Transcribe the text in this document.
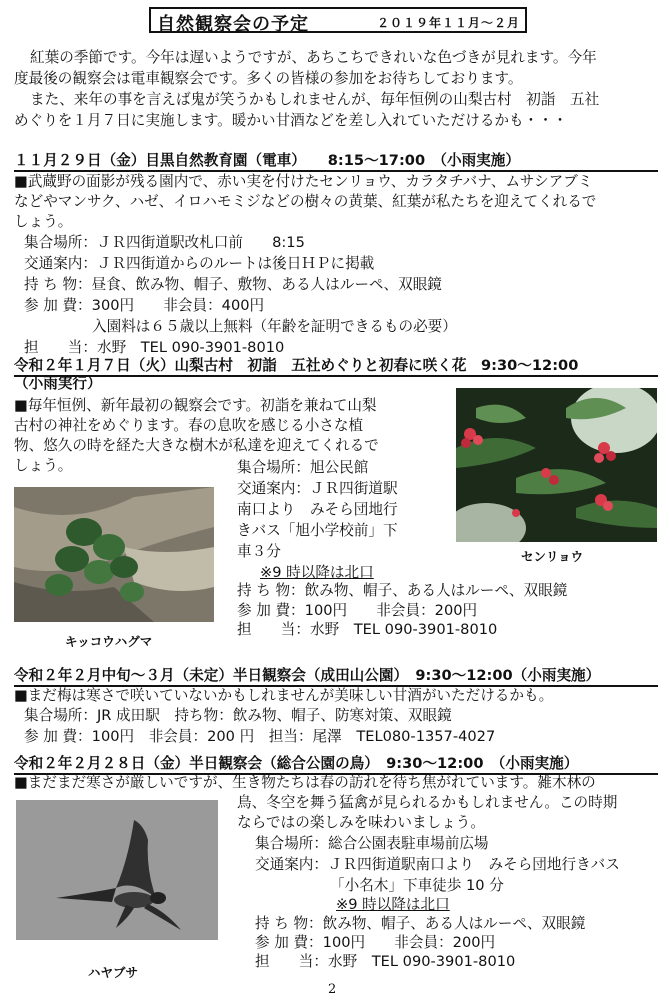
自然観察会の予定	２０１９年１１月～２月
紅葉の季節です。今年は遅いようですが、あちこちできれいな色づきが見れます。今年
度最後の観察会は電車観察会です。多くの皆様の参加をお待ちしております。
また、来年の事を言えば鬼が笑うかもしれませんが、毎年恒例の山梨古村　初詣　五社
めぐりを１月７日に実施します。暖かい甘酒などを差し入れていただけるかも・・・
１１月２９日（金）目黒自然教育園（電車）　　8:15～17:00　（小雨実施）
■武蔵野の面影が残る園内で、赤い実を付けたセンリョウ、カラタチバナ、ムサシアブミ
などやマンサク、ハゼ、イロハモミジなどの樹々の黄葉、紅葉が私たちを迎えてくれるで
しょう。
集合場所：ＪＲ四街道駅改札口前　　8:15
交通案内：ＪＲ四街道からのルートは後日ＨＰに掲載
持 ち 物：昼食、飲み物、帽子、敷物、ある人はルーペ、双眼鏡
参 加 費：300円　　非会員：400円
入園料は６５歳以上無料（年齢を証明できるもの必要）
担　　当：水野　TEL 090-3901-8010
令和２年１月７日（火）山梨古村　初詣　五社めぐりと初春に咲く花　9:30～12:00
（小雨実行）
■毎年恒例、新年最初の観察会です。初詣を兼ねて山梨
古村の神社をめぐります。春の息吹を感じる小さな植
物、悠久の時を経た大きな樹木が私達を迎えてくれるで
しょう。	集合場所：旭公民館
交通案内：ＪＲ四街道駅
南口より　みそら団地行
きバス「旭小学校前」下
車３分
※9 時以降は北口
持 ち 物：飲み物、帽子、ある人はルーペ、双眼鏡
参 加 費：100円　　非会員：200円
担　　当：水野　TEL 090-3901-8010
キッコウハグマ
センリョウ
令和２年２月中旬～３月（未定）半日観察会（成田山公園）　9:30～12:00（小雨実施）
■まだ梅は寒さで咲いていないかもしれませんが美味しい甘酒がいただけるかも。
集合場所：JR 成田駅　持ち物：飲み物、帽子、防寒対策、双眼鏡
参 加 費：100円　非会員：200 円　担当：尾澤　TEL080-1357-4027
令和２年２月２８日（金）半日観察会（総合公園の鳥）　9:30～12:00　（小雨実施）
■まだまだ寒さが厳しいですが、生き物たちは春の訪れを待ち焦がれています。雑木林の
鳥、冬空を舞う猛禽が見られるかもしれません。この時期
ならではの楽しみを味わいましょう。
集合場所：総合公園表駐車場前広場
交通案内：ＪＲ四街道駅南口より　みそら団地行きバス
「小名木」下車徒歩 10 分
※9 時以降は北口
持 ち 物：飲み物、帽子、ある人はルーペ、双眼鏡
参 加 費：100円　　非会員：200円
担　　当：水野　TEL 090-3901-8010
ハヤブサ
2
